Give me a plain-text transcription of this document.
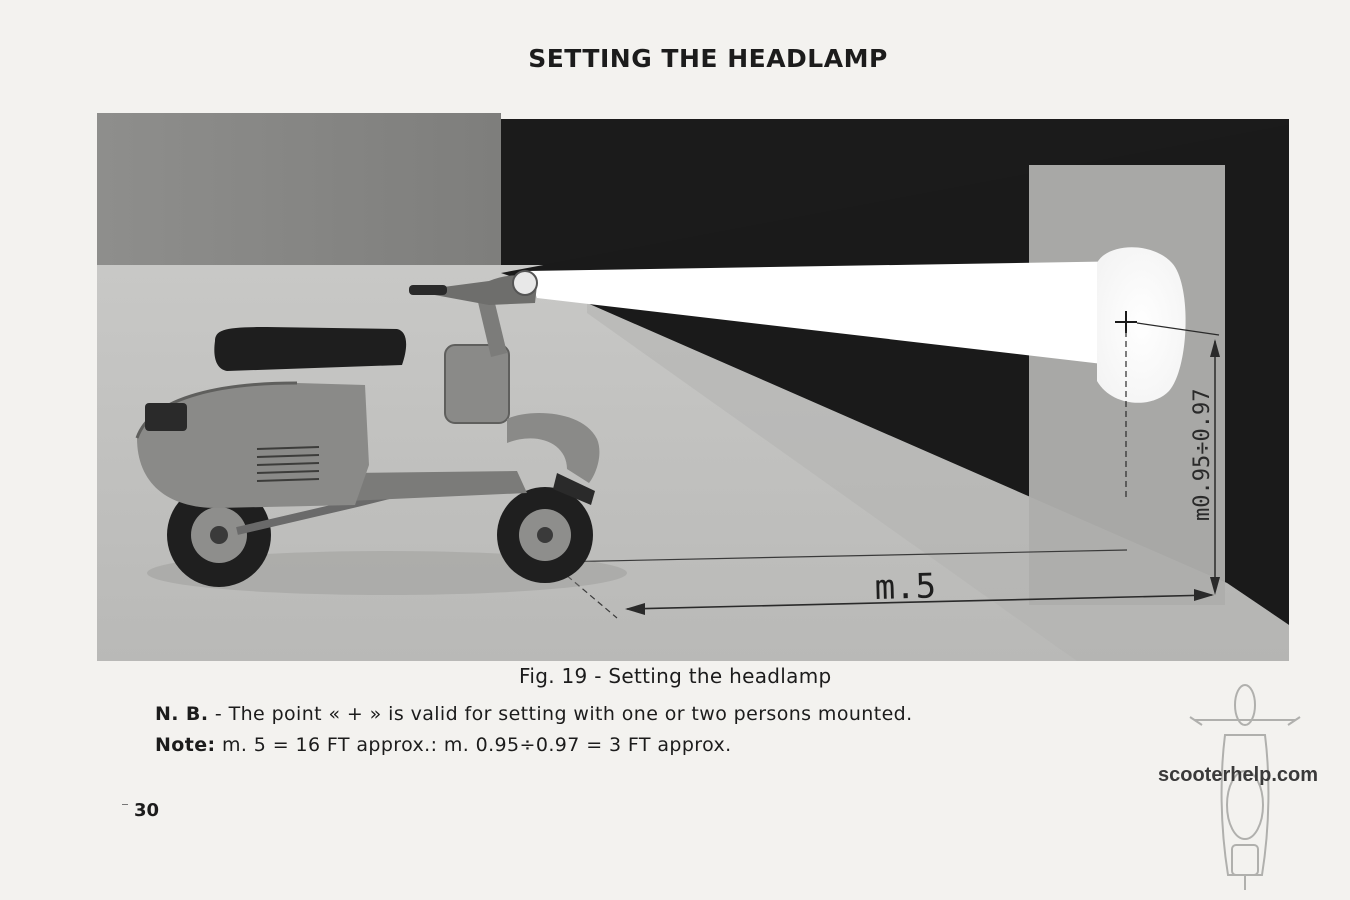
SETTING THE HEADLAMP
m.5
m0.95÷0.97
Fig. 19 - Setting the headlamp
N. B. - The point « + » is valid for setting with one or two persons mounted.
Note: m. 5 = 16 FT approx.: m. 0.95÷0.97 = 3 FT approx.
30
scooterhelp.com
